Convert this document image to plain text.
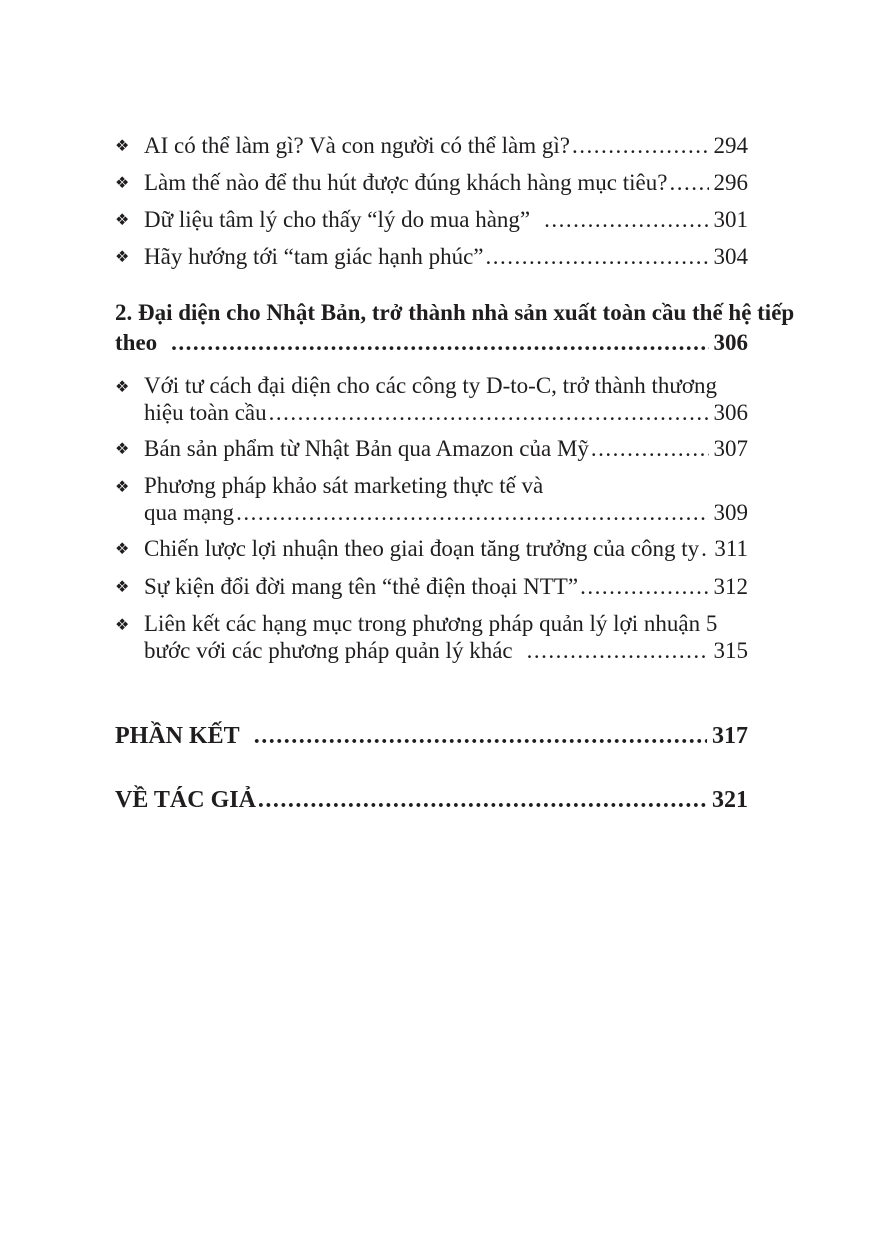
❖ AI có thể làm gì? Và con người có thể làm gì? .....	294
❖ Làm thế nào để thu hút được đúng khách hàng mục tiêu? ..... 296
❖ Dữ liệu tâm lý cho thấy “lý do mua hàng” .....	301
❖ Hãy hướng tới “tam giác hạnh phúc” .....	304
2. Đại diện cho Nhật Bản, trở thành nhà sản xuất toàn cầu thế hệ tiếp
theo .....	306
❖ Với tư cách đại diện cho các công ty D-to-C, trở thành thương
hiệu toàn cầu .....	306
❖ Bán sản phẩm từ Nhật Bản qua Amazon của Mỹ .....	307
❖ Phương pháp khảo sát marketing thực tế và
qua mạng .....	309
❖ Chiến lược lợi nhuận theo giai đoạn tăng trưởng của công ty ..... 311
❖ Sự kiện đổi đời mang tên “thẻ điện thoại NTT” .....	312
❖ Liên kết các hạng mục trong phương pháp quản lý lợi nhuận 5
bước với các phương pháp quản lý khác .....	315
PHẦN KẾT .....	317
VỀ TÁC GIẢ .....	321
